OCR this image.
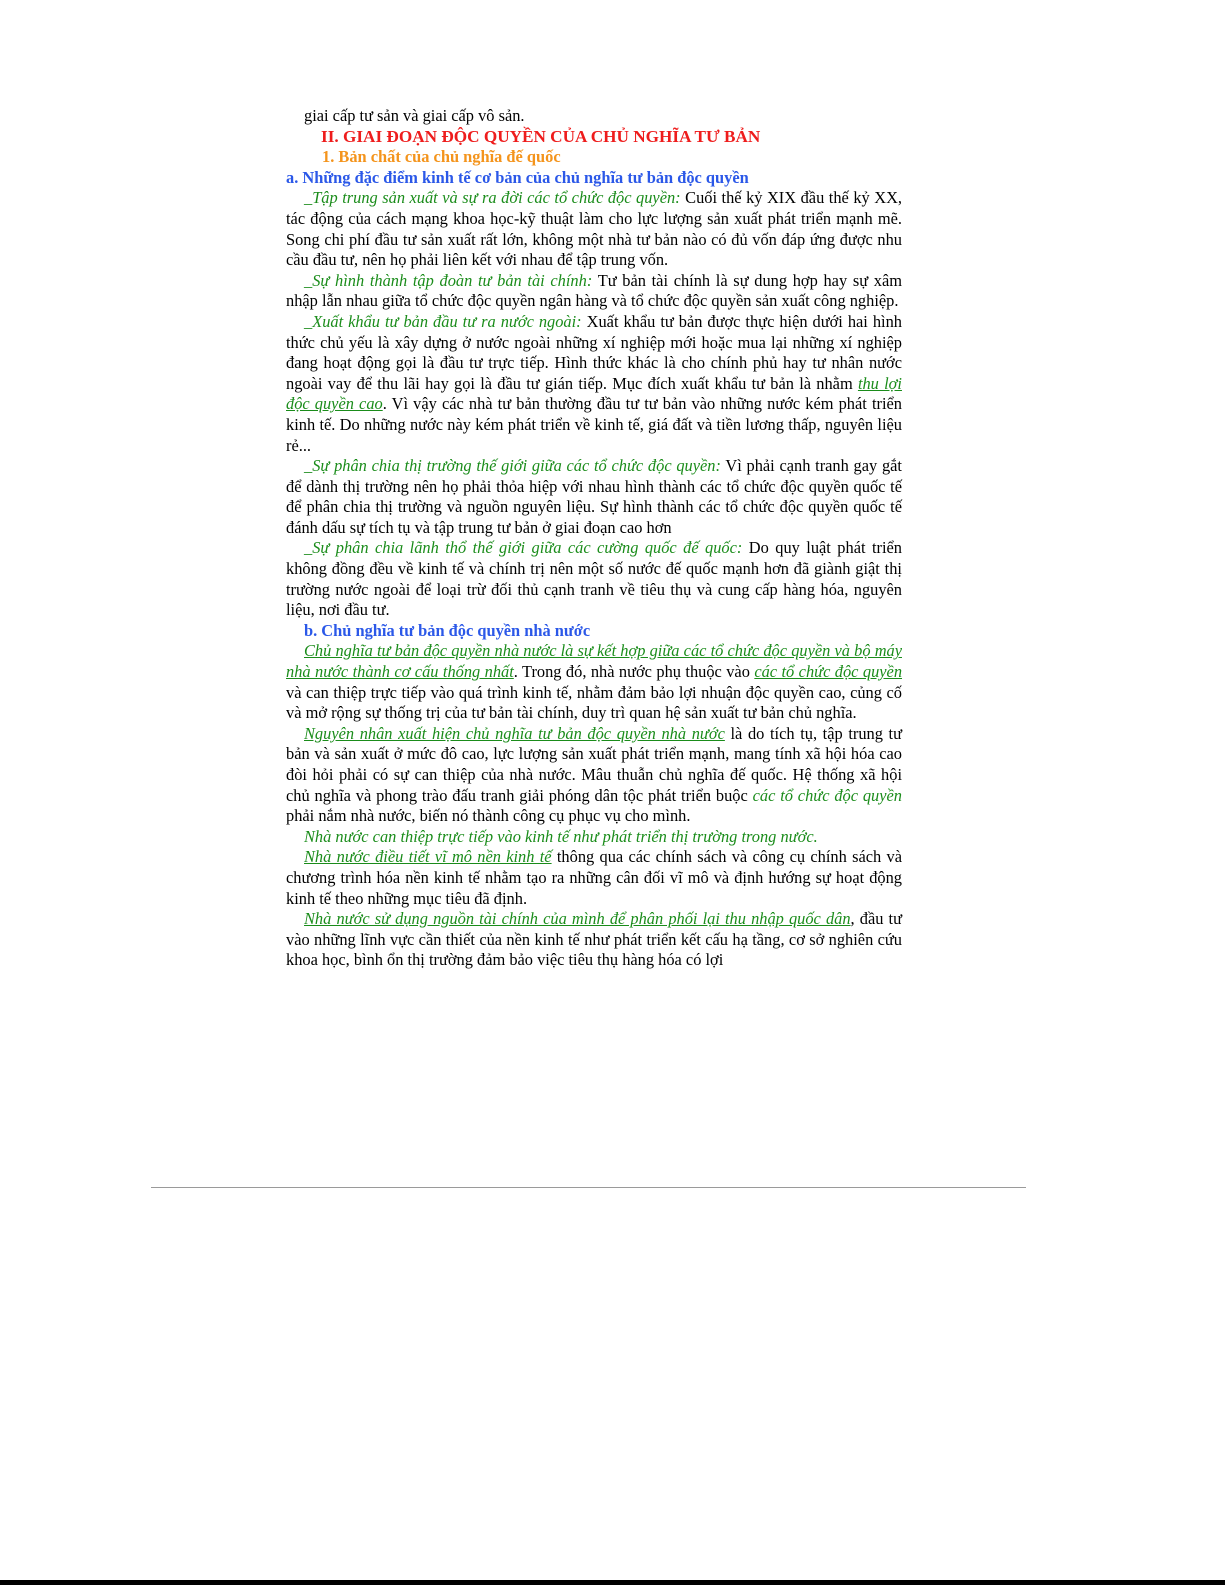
giai cấp tư sản và giai cấp vô sản.

II. GIAI ĐOẠN ĐỘC QUYỀN CỦA CHỦ NGHĨA TƯ BẢN

1. Bản chất của chủ nghĩa đế quốc

a. Những đặc điểm kinh tế cơ bản của chủ nghĩa tư bản độc quyền

_Tập trung sản xuất và sự ra đời các tổ chức độc quyền: Cuối thế kỷ XIX đầu thế kỷ XX, tác động của cách mạng khoa học-kỹ thuật làm cho lực lượng sản xuất phát triển mạnh mẽ. Song chi phí đầu tư sản xuất rất lớn, không một nhà tư bản nào có đủ vốn đáp ứng được nhu cầu đầu tư, nên họ phải liên kết với nhau để tập trung vốn.

_Sự hình thành tập đoàn tư bản tài chính: Tư bản tài chính là sự dung hợp hay sự xâm nhập lẫn nhau giữa tổ chức độc quyền ngân hàng và tổ chức độc quyền sản xuất công nghiệp.

_Xuất khẩu tư bản đầu tư ra nước ngoài: Xuất khẩu tư bản được thực hiện dưới hai hình thức chủ yếu là xây dựng ở nước ngoài những xí nghiệp mới hoặc mua lại những xí nghiệp đang hoạt động gọi là đầu tư trực tiếp. Hình thức khác là cho chính phủ hay tư nhân nước ngoài vay để thu lãi hay gọi là đầu tư gián tiếp. Mục đích xuất khẩu tư bản là nhằm thu lợi độc quyền cao. Vì vậy các nhà tư bản thường đầu tư tư bản vào những nước kém phát triển kinh tế. Do những nước này kém phát triển về kinh tế, giá đất và tiền lương thấp, nguyên liệu rẻ...

_Sự phân chia thị trường thế giới giữa các tổ chức độc quyền: Vì phải cạnh tranh gay gắt để dành thị trường nên họ phải thỏa hiệp với nhau hình thành các tổ chức độc quyền quốc tế để phân chia thị trường và nguồn nguyên liệu. Sự hình thành các tổ chức độc quyền quốc tế đánh dấu sự tích tụ và tập trung tư bản ở giai đoạn cao hơn

_Sự phân chia lãnh thổ thế giới giữa các cường quốc đế quốc: Do quy luật phát triển không đồng đều về kinh tế và chính trị nên một số nước đế quốc mạnh hơn đã giành giật thị trường nước ngoài để loại trừ đối thủ cạnh tranh về tiêu thụ và cung cấp hàng hóa, nguyên liệu, nơi đầu tư.

b. Chủ nghĩa tư bản độc quyền nhà nước

Chủ nghĩa tư bản độc quyền nhà nước là sự kết hợp giữa các tổ chức độc quyền và bộ máy nhà nước thành cơ cấu thống nhất. Trong đó, nhà nước phụ thuộc vào các tổ chức độc quyền và can thiệp trực tiếp vào quá trình kinh tế, nhằm đảm bảo lợi nhuận độc quyền cao, củng cố và mở rộng sự thống trị của tư bản tài chính, duy trì quan hệ sản xuất tư bản chủ nghĩa.

Nguyên nhân xuất hiện chủ nghĩa tư bản độc quyền nhà nước là do tích tụ, tập trung tư bản và sản xuất ở mức đô cao, lực lượng sản xuất phát triển mạnh, mang tính xã hội hóa cao đòi hỏi phải có sự can thiệp của nhà nước. Mâu thuẫn chủ nghĩa đế quốc. Hệ thống xã hội chủ nghĩa và phong trào đấu tranh giải phóng dân tộc phát triển buộc các tổ chức độc quyền phải nắm nhà nước, biến nó thành công cụ phục vụ cho mình.

Nhà nước can thiệp trực tiếp vào kinh tế như phát triển thị trường trong nước.

Nhà nước điều tiết vĩ mô nền kinh tế thông qua các chính sách và công cụ chính sách và chương trình hóa nền kinh tế nhằm tạo ra những cân đối vĩ mô và định hướng sự hoạt động kinh tế theo những mục tiêu đã định.

Nhà nước sử dụng nguồn tài chính của mình để phân phối lại thu nhập quốc dân, đầu tư vào những lĩnh vực cần thiết của nền kinh tế như phát triển kết cấu hạ tầng, cơ sở nghiên cứu khoa học, bình ổn thị trường đảm bảo việc tiêu thụ hàng hóa có lợi
